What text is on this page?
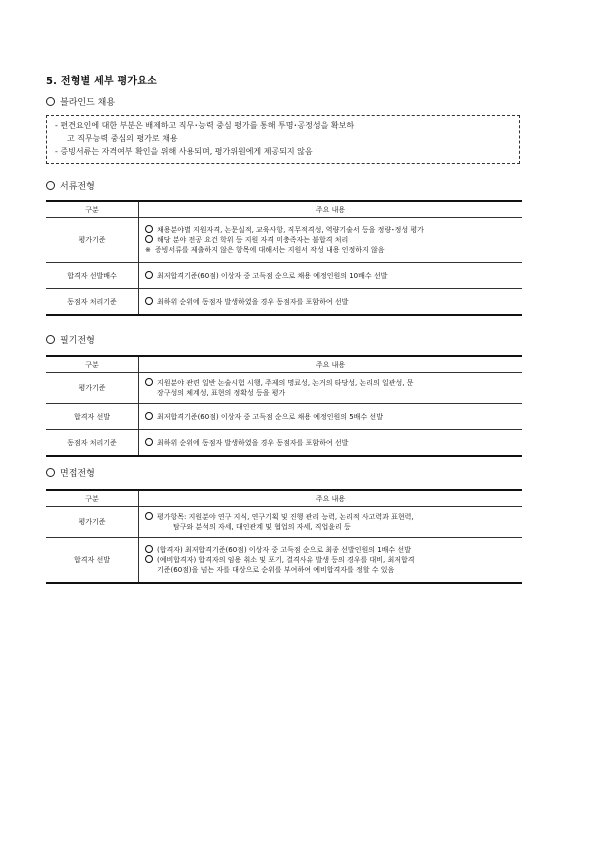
5. 전형별 세부 평가요소
블라인드 채용
- 편견요인에 대한 부분은 배제하고 직무･능력 중심 평가를 통해 투명･공정성을 확보하
고 직무능력 중심의 평가로 채용
- 증빙서류는 자격여부 확인을 위해 사용되며, 평가위원에게 제공되지 않음
서류전형
구분	주요 내용
평가기준	채용분야별 지원자격, 논문실적, 교육사항, 직무적격성, 역량기술서 등을 정량･정성 평가
해당 분야 전공 요건 학위 등 지원 자격 미충족자는 불합격 처리
※ 증빙서류를 제출하지 않은 항목에 대해서는 지원서 작성 내용 인정하지 않음

합격자 선발배수	최저합격기준(60점) 이상자 중 고득점 순으로 채용 예정인원의 10배수 선발

동점자 처리기준	최하위 순위에 동점자 발생하였을 경우 동점자를 포함하여 선발
필기전형
구분	주요 내용
평가기준	지원분야 관련 일반 논술시험 시행, 주제의 명료성, 논거의 타당성, 논리의 일관성, 문
장구성의 체계성, 표현의 정확성 등을 평가

합격자 선발	최저합격기준(60점) 이상자 중 고득점 순으로 채용 예정인원의 5배수 선발

동점자 처리기준	최하위 순위에 동점자 발생하였을 경우 동점자를 포함하여 선발
면접전형
구분	주요 내용
평가기준	평가항목: 지원분야 연구 지식, 연구기획 및 진행 관리 능력, 논리적 사고력과 표현력,
탐구와 분석의 자세, 대인관계 및 협업의 자세, 직업윤리 등

합격자 선발	(합격자) 최저합격기준(60점) 이상자 중 고득점 순으로 최종 선발인원의 1배수 선발
(예비합격자) 합격자의 임용 취소 및 포기, 결격사유 발생 등의 경우를 대비, 최저합격
기준(60점)을 넘는 자를 대상으로 순위를 부여하여 예비합격자를 정할 수 있음
